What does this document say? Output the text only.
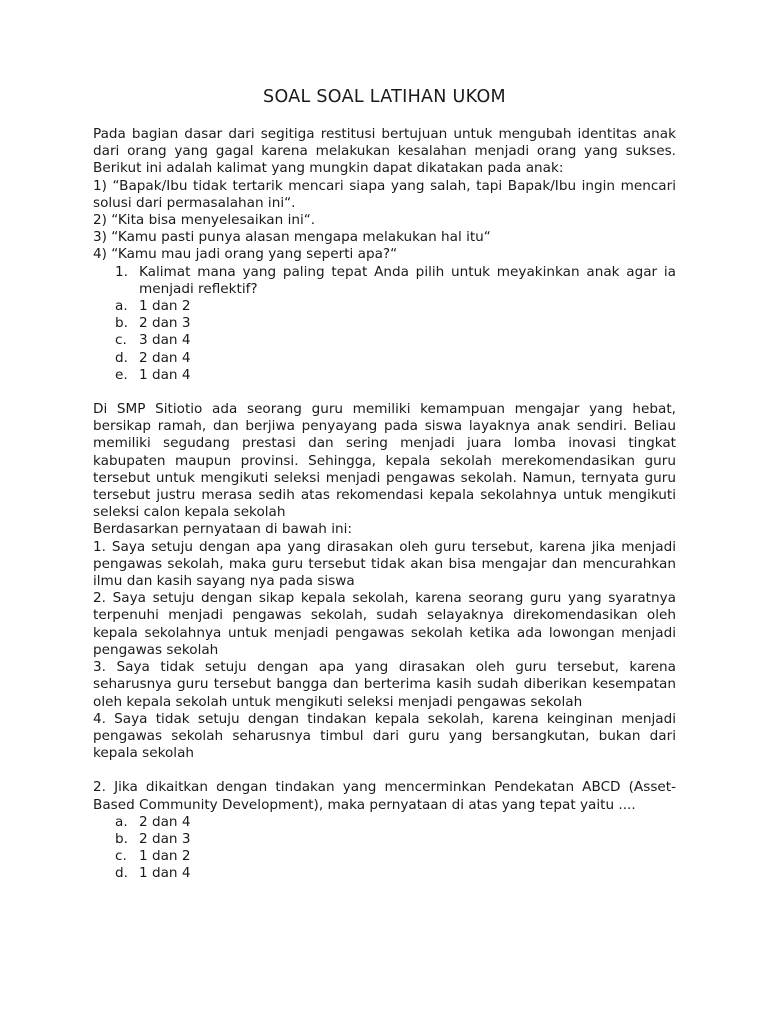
SOAL SOAL LATIHAN UKOM

Pada bagian dasar dari segitiga restitusi bertujuan untuk mengubah identitas anak dari orang yang gagal karena melakukan kesalahan menjadi orang yang sukses. Berikut ini adalah kalimat yang mungkin dapat dikatakan pada anak:

1) “Bapak/Ibu tidak tertarik mencari siapa yang salah, tapi Bapak/Ibu ingin mencari solusi dari permasalahan ini“.

2) “Kita bisa menyelesaikan ini“.

3) “Kamu pasti punya alasan mengapa melakukan hal itu“

4) “Kamu mau jadi orang yang seperti apa?“

1. Kalimat mana yang paling tepat Anda pilih untuk meyakinkan anak agar ia menjadi reflektif?
a. 1 dan 2
b. 2 dan 3
c. 3 dan 4
d. 2 dan 4
e. 1 dan 4

Di SMP Sitiotio ada seorang guru memiliki kemampuan mengajar yang hebat, bersikap ramah, dan berjiwa penyayang pada siswa layaknya anak sendiri. Beliau memiliki segudang prestasi dan sering menjadi juara lomba inovasi tingkat kabupaten maupun provinsi. Sehingga, kepala sekolah merekomendasikan guru tersebut untuk mengikuti seleksi menjadi pengawas sekolah. Namun, ternyata guru tersebut justru merasa sedih atas rekomendasi kepala sekolahnya untuk mengikuti seleksi calon kepala sekolah

Berdasarkan pernyataan di bawah ini:

1. Saya setuju dengan apa yang dirasakan oleh guru tersebut, karena jika menjadi pengawas sekolah, maka guru tersebut tidak akan bisa mengajar dan mencurahkan ilmu dan kasih sayang nya pada siswa

2. Saya setuju dengan sikap kepala sekolah, karena seorang guru yang syaratnya terpenuhi menjadi pengawas sekolah, sudah selayaknya direkomendasikan oleh kepala sekolahnya untuk menjadi pengawas sekolah ketika ada lowongan menjadi pengawas sekolah

3. Saya tidak setuju dengan apa yang dirasakan oleh guru tersebut, karena seharusnya guru tersebut bangga dan berterima kasih sudah diberikan kesempatan oleh kepala sekolah untuk mengikuti seleksi menjadi pengawas sekolah

4. Saya tidak setuju dengan tindakan kepala sekolah, karena keinginan menjadi pengawas sekolah seharusnya timbul dari guru yang bersangkutan, bukan dari kepala sekolah

2. Jika dikaitkan dengan tindakan yang mencerminkan Pendekatan ABCD (Asset-Based Community Development), maka pernyataan di atas yang tepat yaitu ....

a. 2 dan 4
b. 2 dan 3
c. 1 dan 2
d. 1 dan 4
